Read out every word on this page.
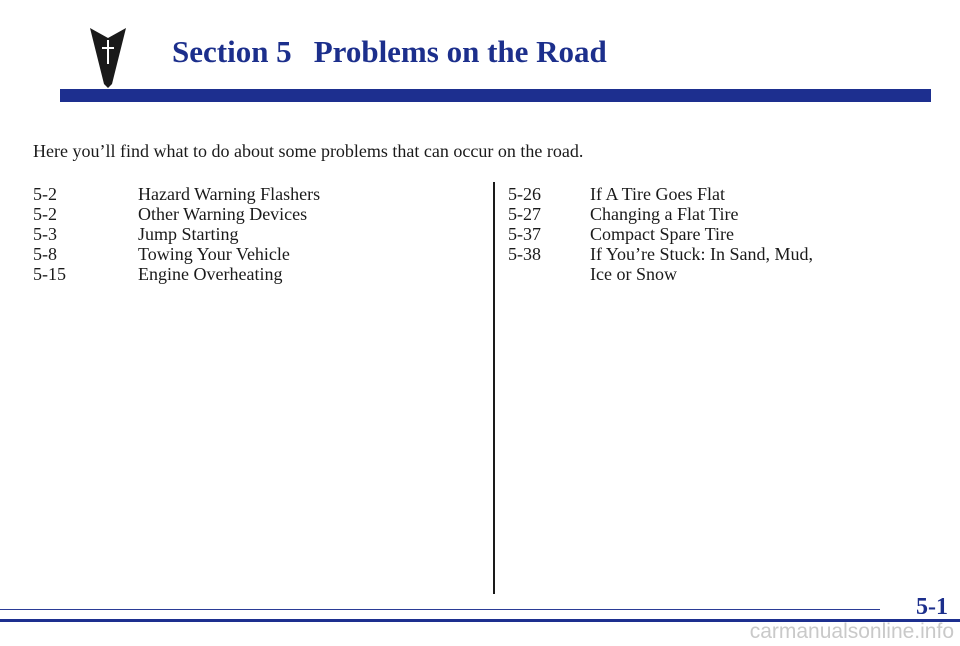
Section 5 Problems on the Road

Here you’ll find what to do about some problems that can occur on the road.

5-2	Hazard Warning Flashers
5-2	Other Warning Devices
5-3	Jump Starting
5-8	Towing Your Vehicle
5-15	Engine Overheating
5-26	If A Tire Goes Flat
5-27	Changing a Flat Tire
5-37	Compact Spare Tire
5-38	If You’re Stuck: In Sand, Mud,
Ice or Snow

5-1

carmanualsonline.info
